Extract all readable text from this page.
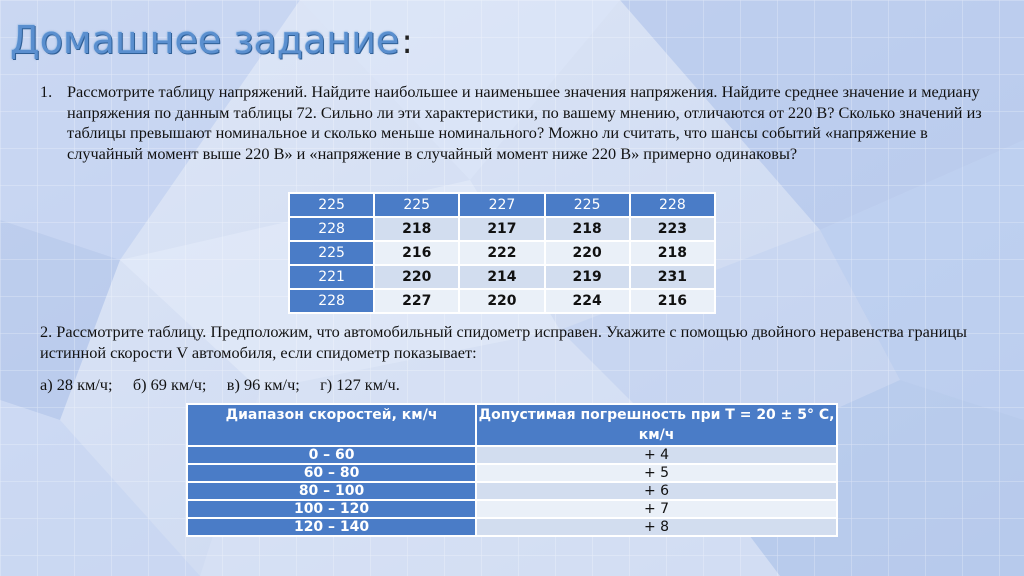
Домашнее задание:
1. Рассмотрите таблицу напряжений. Найдите наибольшее и наименьшее значения напряжения. Найдите среднее значение и медиану напряжения по данным таблицы 72. Сильно ли эти характеристики, по вашему мнению, отличаются от 220 В? Сколько значений из таблицы превышают номинальное и сколько меньше номинального? Можно ли считать, что шансы событий «напряжение в случайный момент выше 220 В» и «напряжение в случайный момент ниже 220 В» примерно одинаковы?
225	225	227	225	228
228	218	217	218	223
225	216	222	220	218
221	220	214	219	231
228	227	220	224	216
2. Рассмотрите таблицу. Предположим, что автомобильный спидометр исправен. Укажите с помощью двойного неравенства границы истинной скорости V автомобиля, если спидометр показывает:
а) 28 км/ч;     б) 69 км/ч;     в) 96 км/ч;     г) 127 км/ч.
Диапазон скоростей, км/ч	Допустимая погрешность при T = 20 ± 5° С, км/ч
0 – 60	+ 4
60 – 80	+ 5
80 – 100	+ 6
100 – 120	+ 7
120 – 140	+ 8
